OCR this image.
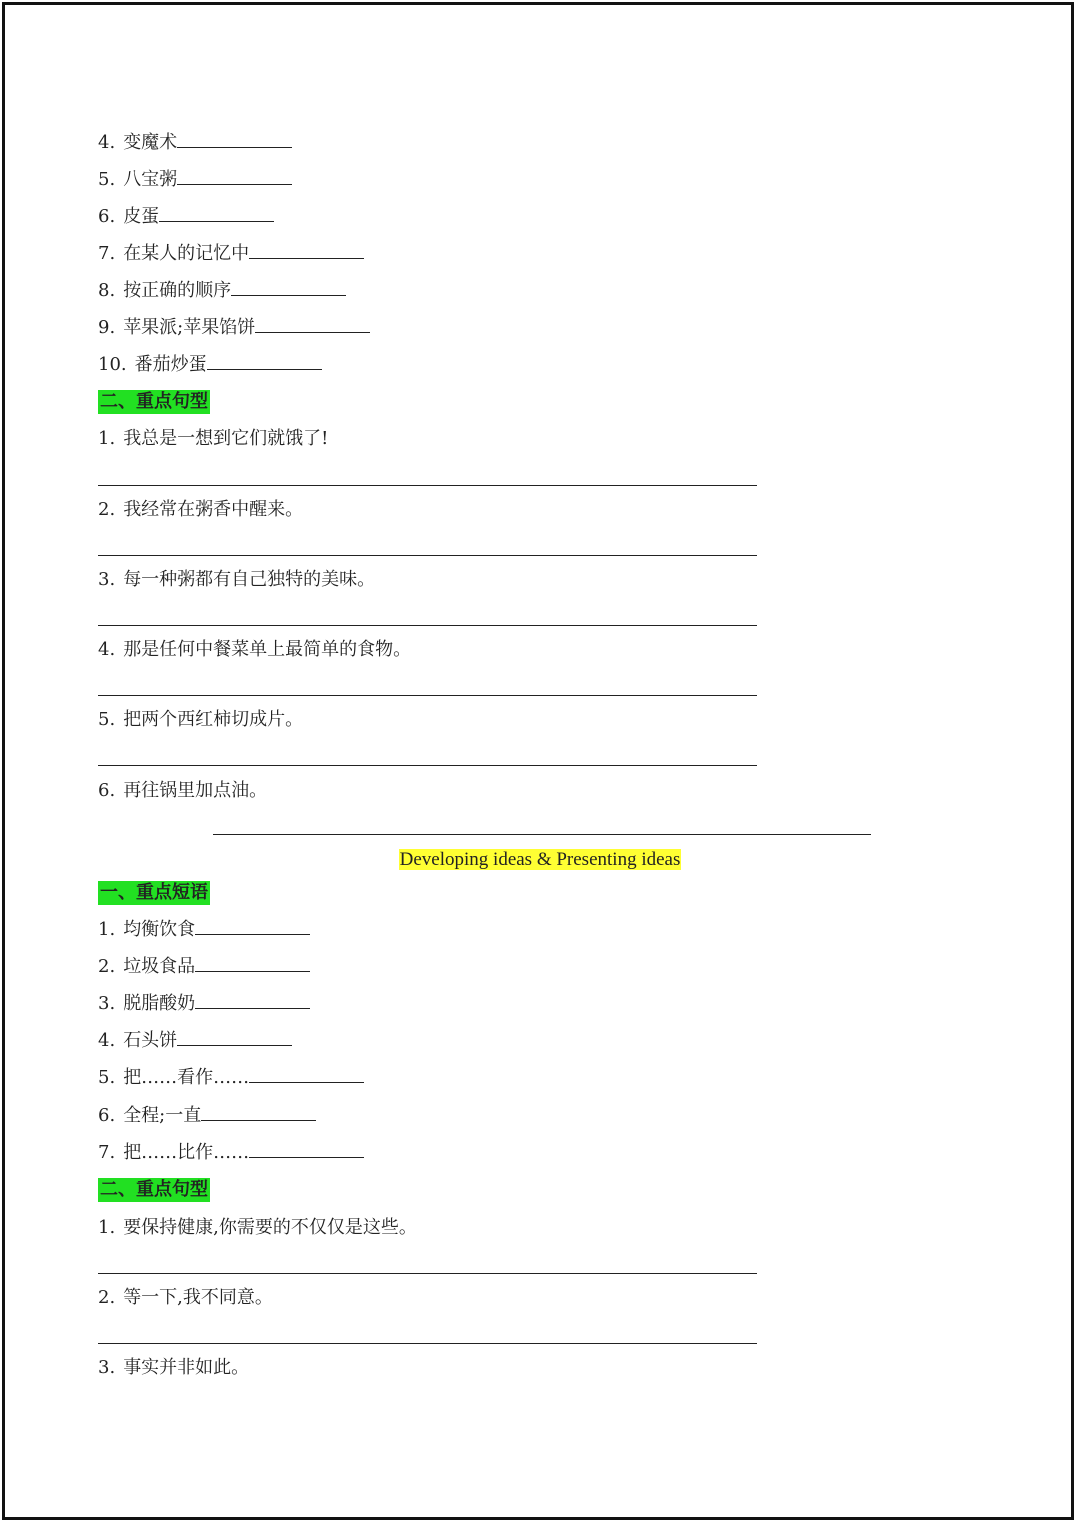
4. 变魔术
5. 八宝粥
6. 皮蛋
7. 在某人的记忆中
8. 按正确的顺序
9. 苹果派;苹果馅饼
10. 番茄炒蛋
二、重点句型
1. 我总是一想到它们就饿了!
2. 我经常在粥香中醒来。
3. 每一种粥都有自己独特的美味。
4. 那是任何中餐菜单上最简单的食物。
5. 把两个西红柿切成片。
6. 再往锅里加点油。
Developing ideas & Presenting ideas
一、重点短语
1. 均衡饮食
2. 垃圾食品
3. 脱脂酸奶
4. 石头饼
5. 把……看作……
6. 全程;一直
7. 把……比作……
二、重点句型
1. 要保持健康,你需要的不仅仅是这些。
2. 等一下,我不同意。
3. 事实并非如此。
